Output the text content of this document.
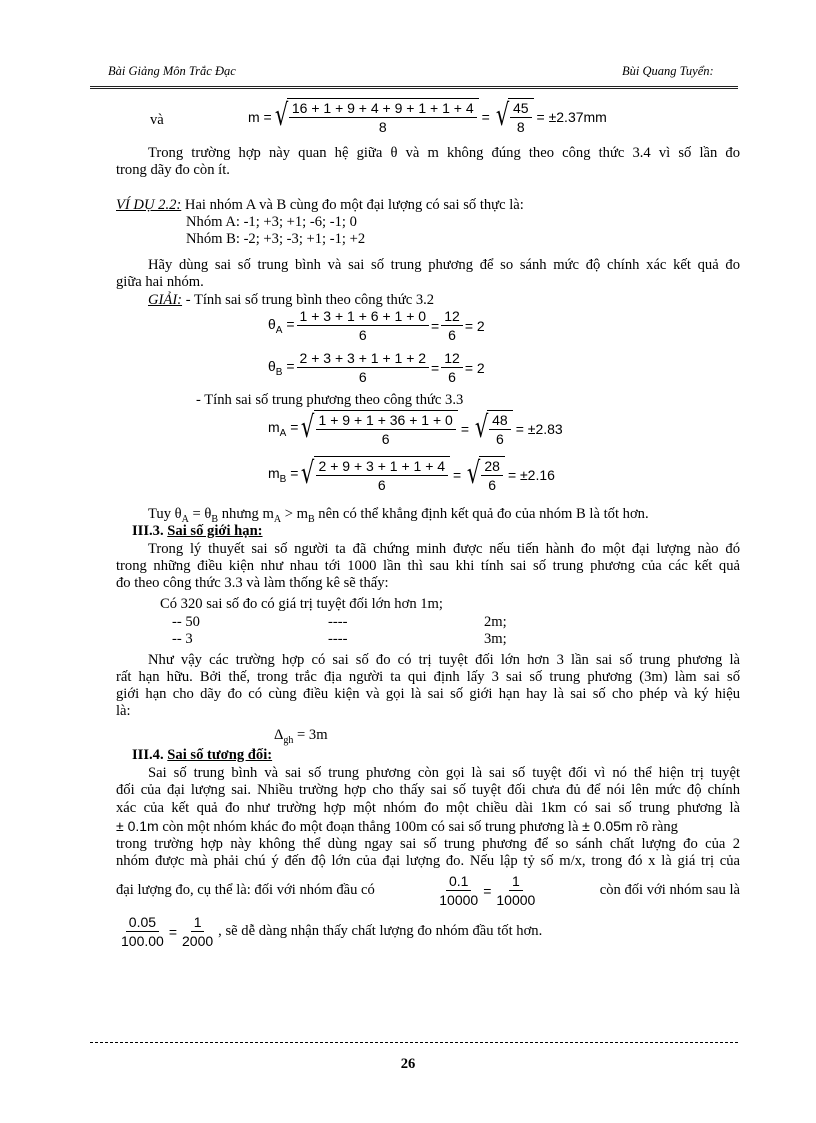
Bài Giảng Môn Trắc Đạc	Bùi Quang Tuyển:
và	m = √ $\frac{16 + 1 + 9 + 4 + 9 + 1 + 1 + 4}{8}$ = √ $\frac{45}{8} = \pm 2.37mm$
Trong trường hợp này quan hệ giữa θ và m không đúng theo công thức 3.4 vì số lần đo
trong dãy đo còn ít.
VÍ DỤ 2.2: Hai nhóm A và B cùng đo một đại lượng có sai số thực là:
Nhóm A: -1; +3; +1; -6; -1; 0
Nhóm B: -2; +3; -3; +1; -1; +2
Hãy dùng sai số trung bình và sai số trung phương để so sánh mức độ chính xác kết quả đo
giữa hai nhóm.
GIẢI: - Tính sai số trung bình theo công thức 3.2
$\theta_A = \frac{1 + 3 + 1 + 6 + 1 + 0}{6} = \frac{12}{6} = 2$
$\theta_B = \frac{2 + 3 + 3 + 1 + 1 + 2}{6} = \frac{12}{6} = 2$
- Tính sai số trung phương theo công thức 3.3
$m_A$ = √ $\frac{1 + 9 + 1 + 36 + 1 + 0}{6}$ = √ $\frac{48}{6} = \pm 2.83$
$m_B$ = √ $\frac{2 + 9 + 3 + 1 + 1 + 4}{6}$ = √ $\frac{28}{6} = \pm 2.16$
Tuy $\theta_A = \theta_B$ nhưng $m_A > m_B$ nên có thể khẳng định kết quả đo của nhóm B là tốt hơn.
III.3. Sai số giới hạn:
Trong lý thuyết sai số người ta đã chứng minh được nếu tiến hành đo một đại lượng nào đó
trong những điều kiện như nhau tới 1000 lần thì sau khi tính sai số trung phương của các kết quả
đo theo công thức 3.3 và làm thống kê sẽ thấy:
Có 320 sai số đo có giá trị tuyệt đối lớn hơn 1m;
-- 50	----	2m;
-- 3	----	3m;
Như vậy các trường hợp có sai số đo có trị tuyệt đối lớn hơn 3 lần sai số trung phương là
rất hạn hữu. Bởi thế, trong trắc địa người ta qui định lấy 3 sai số trung phương (3m) làm sai số
giới hạn cho dãy đo có cùng điều kiện và gọi là sai số giới hạn hay là sai số cho phép và ký hiệu
là:
$\Delta_{gh} = 3m$
III.4. Sai số tương đối:
Sai số trung bình và sai số trung phương còn gọi là sai số tuyệt đối vì nó thể hiện trị tuyệt
đối của đại lượng sai. Nhiều trường hợp cho thấy sai số tuyệt đối chưa đủ để nói lên mức độ chính
xác của kết quả đo như trường hợp một nhóm đo một chiều dài 1km có sai số trung phương là
± 0.1m còn một nhóm khác đo một đoạn thẳng 100m có sai số trung phương là ± 0.05m rõ ràng
trong trường hợp này không thể dùng ngay sai số trung phương để so sánh chất lượng đo của 2
nhóm được mà phải chú ý đến độ lớn của đại lượng đo. Nếu lập tỷ số m/x, trong đó x là giá trị của
đại lượng đo, cụ thể là: đối với nhóm đầu có	$\frac{0.1}{10000} = \frac{1}{10000}$	còn đối với nhóm sau là
$\frac{0.05}{100.00} = \frac{1}{2000}$ , sẽ dễ dàng nhận thấy chất lượng đo nhóm đầu tốt hơn.
26
